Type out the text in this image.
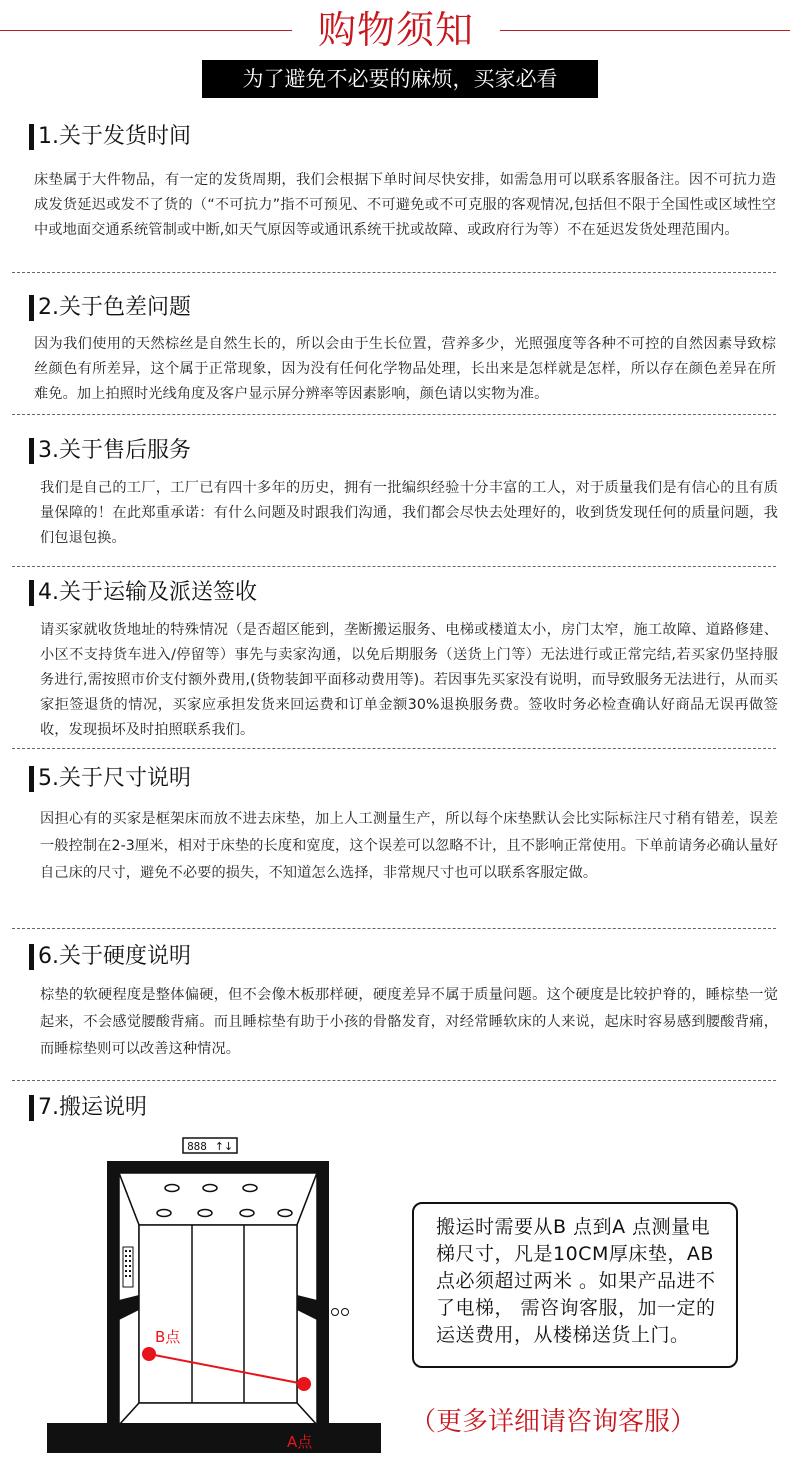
购物须知
为了避免不必要的麻烦，买家必看
1.关于发货时间
床垫属于大件物品，有一定的发货周期，我们会根据下单时间尽快安排，如需急用可以联系客服备注。因不可抗力造成发货延迟或发不了货的（“不可抗力”指不可预见、不可避免或不可克服的客观情况,包括但不限于全国性或区域性空中或地面交通系统管制或中断,如天气原因等或通讯系统干扰或故障、或政府行为等）不在延迟发货处理范围内。
2.关于色差问题
因为我们使用的天然棕丝是自然生长的，所以会由于生长位置，营养多少，光照强度等各种不可控的自然因素导致棕丝颜色有所差异，这个属于正常现象，因为没有任何化学物品处理，长出来是怎样就是怎样，所以存在颜色差异在所难免。加上拍照时光线角度及客户显示屏分辨率等因素影响，颜色请以实物为准。
3.关于售后服务
我们是自己的工厂，工厂已有四十多年的历史，拥有一批编织经验十分丰富的工人，对于质量我们是有信心的且有质量保障的！在此郑重承诺：有什么问题及时跟我们沟通，我们都会尽快去处理好的，收到货发现任何的质量问题，我们包退包换。
4.关于运输及派送签收
请买家就收货地址的特殊情况（是否超区能到，垄断搬运服务、电梯或楼道太小，房门太窄，施工故障、道路修建、小区不支持货车进入/停留等）事先与卖家沟通，以免后期服务（送货上门等）无法进行或正常完结,若买家仍坚持服务进行,需按照市价支付额外费用,(货物装卸平面移动费用等)。若因事先买家没有说明，而导致服务无法进行，从而买家拒签退货的情况，买家应承担发货来回运费和订单金额30%退换服务费。签收时务必检查确认好商品无误再做签收，发现损坏及时拍照联系我们。
5.关于尺寸说明
因担心有的买家是框架床而放不进去床垫，加上人工测量生产，所以每个床垫默认会比实际标注尺寸稍有错差，误差一般控制在2-3厘米，相对于床垫的长度和宽度，这个误差可以忽略不计，且不影响正常使用。下单前请务必确认量好自己床的尺寸，避免不必要的损失，不知道怎么选择，非常规尺寸也可以联系客服定做。
6.关于硬度说明
棕垫的软硬程度是整体偏硬，但不会像木板那样硬，硬度差异不属于质量问题。这个硬度是比较护脊的，睡棕垫一觉起来，不会感觉腰酸背痛。而且睡棕垫有助于小孩的骨骼发育，对经常睡软床的人来说，起床时容易感到腰酸背痛，而睡棕垫则可以改善这种情况。
7.搬运说明
888 ↑↓
B点
A点
搬运时需要从B 点到A 点测量电梯尺寸，凡是10CM厚床垫，AB点必须超过两米 。如果产品进不了电梯， 需咨询客服，加一定的运送费用，从楼梯送货上门。
（更多详细请咨询客服）
